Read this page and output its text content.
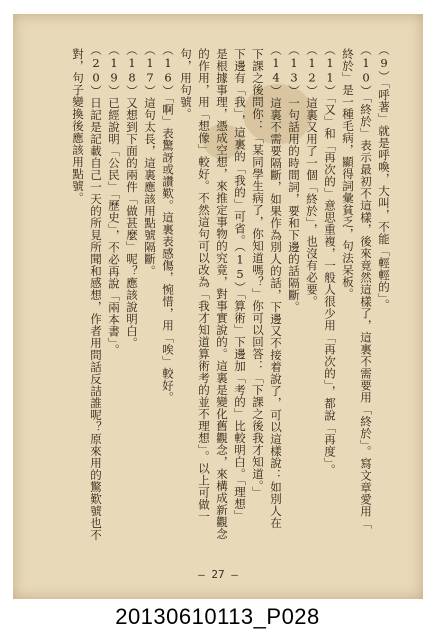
（9）「呼著」就是呼喚，大叫，不能「輕輕的」。
（10）「終於」表示最初不這樣，後來竟然這樣了，這裏不需要用「終於」。寫文章愛用「
終於」是一種毛病，顯得詞彙貧乏，句法呆板。
（11）「又」和「再次的」意思重複，一般人很少用「再次的」，都說「再度」。
（12）這裏又用了一個「終於」，也沒有必要。
（13）一句話用的時間詞，要和下邊的話隔斷。
（14）這裏不需要隔斷，如果作為別人的話，下邊又不接着說了，可以這樣說：如別人在
下課之後問你：「某同學生病了，你知道嗎？」你可以回答：「下課之後我才知道。」
下邊有「我」，這裏的「我的」可省。（15）「算術」下邊加「考的」比較明白。「理想」
是根據事理，憑成空想，來推定事物的究竟，對事實說的。這裏是變化舊觀念，來構成新觀念
的作用，用「想像」較好。不然這句可以改為「我才知道算術考的並不理想」。以上可做一
句，用句號。
（16）「啊」表驚訝或讚歎。這裏表感傷，惋惜，用「唉」較好。
（17）這句太長，這裏應該用點號隔斷。
（18）又想到下面的兩件「做甚麼」呢？應該說明白。
（19）已經說明「公民」「歷史」，不必再說「兩本書」。
（20）日記是記載自己一天的所見所聞和感想，作者用問話反詰誰呢？原來用的驚歎號也不
對，句子變換後應該用點號。
— 27 —
20130610113_P028
